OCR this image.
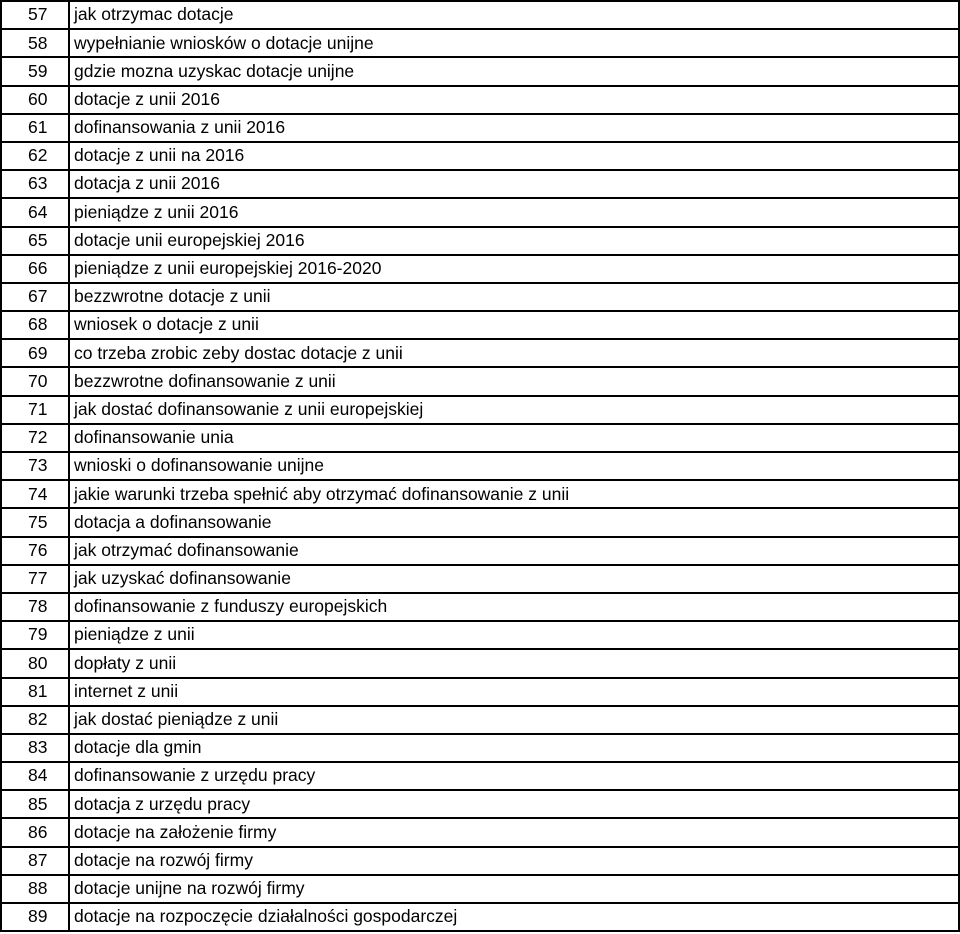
57	jak otrzymac dotacje
58	wypełnianie wniosków o dotacje unijne
59	gdzie mozna uzyskac dotacje unijne
60	dotacje z unii 2016
61	dofinansowania z unii 2016
62	dotacje z unii na 2016
63	dotacja z unii 2016
64	pieniądze z unii 2016
65	dotacje unii europejskiej 2016
66	pieniądze z unii europejskiej 2016-2020
67	bezzwrotne dotacje z unii
68	wniosek o dotacje z unii
69	co trzeba zrobic zeby dostac dotacje z unii
70	bezzwrotne dofinansowanie z unii
71	jak dostać dofinansowanie z unii europejskiej
72	dofinansowanie unia
73	wnioski o dofinansowanie unijne
74	jakie warunki trzeba spełnić aby otrzymać dofinansowanie z unii
75	dotacja a dofinansowanie
76	jak otrzymać dofinansowanie
77	jak uzyskać dofinansowanie
78	dofinansowanie z funduszy europejskich
79	pieniądze z unii
80	dopłaty z unii
81	internet z unii
82	jak dostać pieniądze z unii
83	dotacje dla gmin
84	dofinansowanie z urzędu pracy
85	dotacja z urzędu pracy
86	dotacje na założenie firmy
87	dotacje na rozwój firmy
88	dotacje unijne na rozwój firmy
89	dotacje na rozpoczęcie działalności gospodarczej
